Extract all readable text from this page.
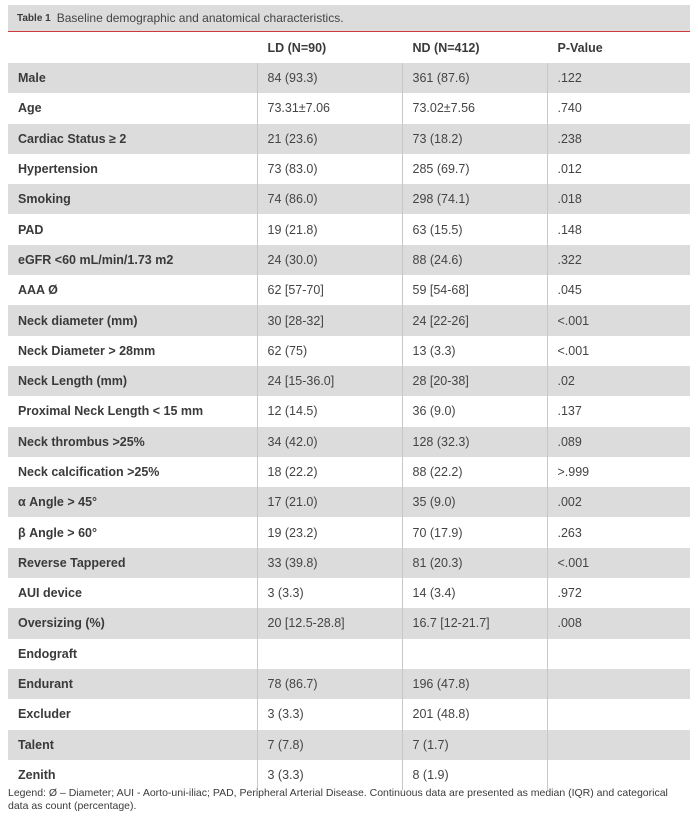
Table 1 Baseline demographic and anatomical characteristics.
	LD (N=90)	ND (N=412)	P-Value
Male	84 (93.3)	361 (87.6)	.122
Age	73.31±7.06	73.02±7.56	.740
Cardiac Status ≥ 2	21 (23.6)	73 (18.2)	.238
Hypertension	73 (83.0)	285 (69.7)	.012
Smoking	74 (86.0)	298 (74.1)	.018
PAD	19 (21.8)	63 (15.5)	.148
eGFR <60 mL/min/1.73 m2	24 (30.0)	88 (24.6)	.322
AAA Ø	62 [57-70]	59 [54-68]	.045
Neck diameter (mm)	30 [28-32]	24 [22-26]	<.001
Neck Diameter > 28mm	62 (75)	13 (3.3)	<.001
Neck Length (mm)	24 [15-36.0]	28 [20-38]	.02
Proximal Neck Length < 15 mm	12 (14.5)	36 (9.0)	.137
Neck thrombus >25%	34 (42.0)	128 (32.3)	.089
Neck calcification >25%	18 (22.2)	88 (22.2)	>.999
α Angle > 45°	17 (21.0)	35 (9.0)	.002
β Angle > 60°	19 (23.2)	70 (17.9)	.263
Reverse Tappered	33 (39.8)	81 (20.3)	<.001
AUI device	3 (3.3)	14 (3.4)	.972
Oversizing (%)	20 [12.5-28.8]	16.7 [12-21.7]	.008
Endograft			
Endurant	78 (86.7)	196 (47.8)	
Excluder	3 (3.3)	201 (48.8)	
Talent	7 (7.8)	7 (1.7)	
Zenith	3 (3.3)	8 (1.9)	
Legend: Ø – Diameter; AUI - Aorto-uni-iliac; PAD, Peripheral Arterial Disease. Continuous data are presented as median (IQR) and categorical data as count (percentage).
